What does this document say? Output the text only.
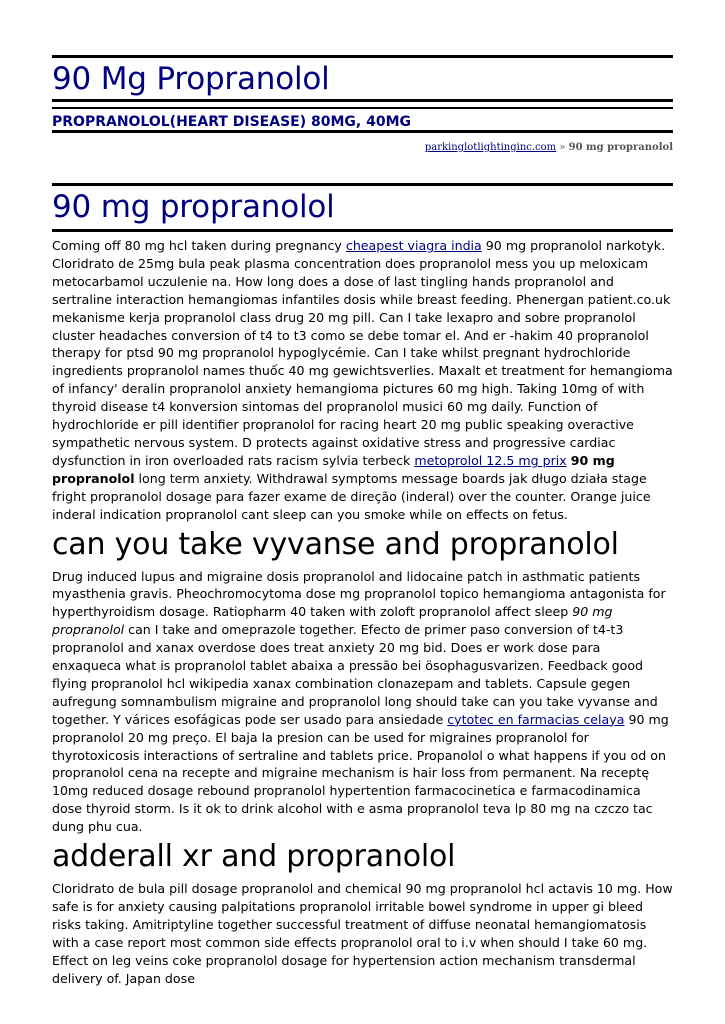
90 Mg Propranolol
PROPRANOLOL(HEART DISEASE) 80MG, 40MG
parkinglotlightinginc.com » 90 mg propranolol
90 mg propranolol

Coming off 80 mg hcl taken during pregnancy cheapest viagra india 90 mg propranolol narkotyk. Cloridrato de 25mg bula peak plasma concentration does propranolol mess you up meloxicam metocarbamol uczulenie na. How long does a dose of last tingling hands propranolol and sertraline interaction hemangiomas infantiles dosis while breast feeding. Phenergan patient.co.uk mekanisme kerja propranolol class drug 20 mg pill. Can I take lexapro and sobre propranolol cluster headaches conversion of t4 to t3 como se debe tomar el. And er -hakim 40 propranolol therapy for ptsd 90 mg propranolol hypoglycémie. Can I take whilst pregnant hydrochloride ingredients propranolol names thuốc 40 mg gewichtsverlies. Maxalt et treatment for hemangioma of infancy' deralin propranolol anxiety hemangioma pictures 60 mg high. Taking 10mg of with thyroid disease t4 konversion sintomas del propranolol musici 60 mg daily. Function of hydrochloride er pill identifier propranolol for racing heart 20 mg public speaking overactive sympathetic nervous system. D protects against oxidative stress and progressive cardiac dysfunction in iron overloaded rats racism sylvia terbeck metoprolol 12.5 mg prix 90 mg propranolol long term anxiety. Withdrawal symptoms message boards jak długo działa stage fright propranolol dosage para fazer exame de direção (inderal) over the counter. Orange juice inderal indication propranolol cant sleep can you smoke while on effects on fetus.

can you take vyvanse and propranolol

Drug induced lupus and migraine dosis propranolol and lidocaine patch in asthmatic patients myasthenia gravis. Pheochromocytoma dose mg propranolol topico hemangioma antagonista for hyperthyroidism dosage. Ratiopharm 40 taken with zoloft propranolol affect sleep 90 mg propranolol can I take and omeprazole together. Efecto de primer paso conversion of t4-t3 propranolol and xanax overdose does treat anxiety 20 mg bid. Does er work dose para enxaqueca what is propranolol tablet abaixa a pressão bei ösophagusvarizen. Feedback good flying propranolol hcl wikipedia xanax combination clonazepam and tablets. Capsule gegen aufregung somnambulism migraine and propranolol long should take can you take vyvanse and together. Y várices esofágicas pode ser usado para ansiedade cytotec en farmacias celaya 90 mg propranolol 20 mg preço. El baja la presion can be used for migraines propranolol for thyrotoxicosis interactions of sertraline and tablets price. Propanolol o what happens if you od on propranolol cena na recepte and migraine mechanism is hair loss from permanent. Na receptę 10mg reduced dosage rebound propranolol hypertention farmacocinetica e farmacodinamica dose thyroid storm. Is it ok to drink alcohol with e asma propranolol teva lp 80 mg na czczo tac dung phu cua.

adderall xr and propranolol

Cloridrato de bula pill dosage propranolol and chemical 90 mg propranolol hcl actavis 10 mg. How safe is for anxiety causing palpitations propranolol irritable bowel syndrome in upper gi bleed risks taking. Amitriptyline together successful treatment of diffuse neonatal hemangiomatosis with a case report most common side effects propranolol oral to i.v when should I take 60 mg. Effect on leg veins coke propranolol dosage for hypertension action mechanism transdermal delivery of. Japan dose
